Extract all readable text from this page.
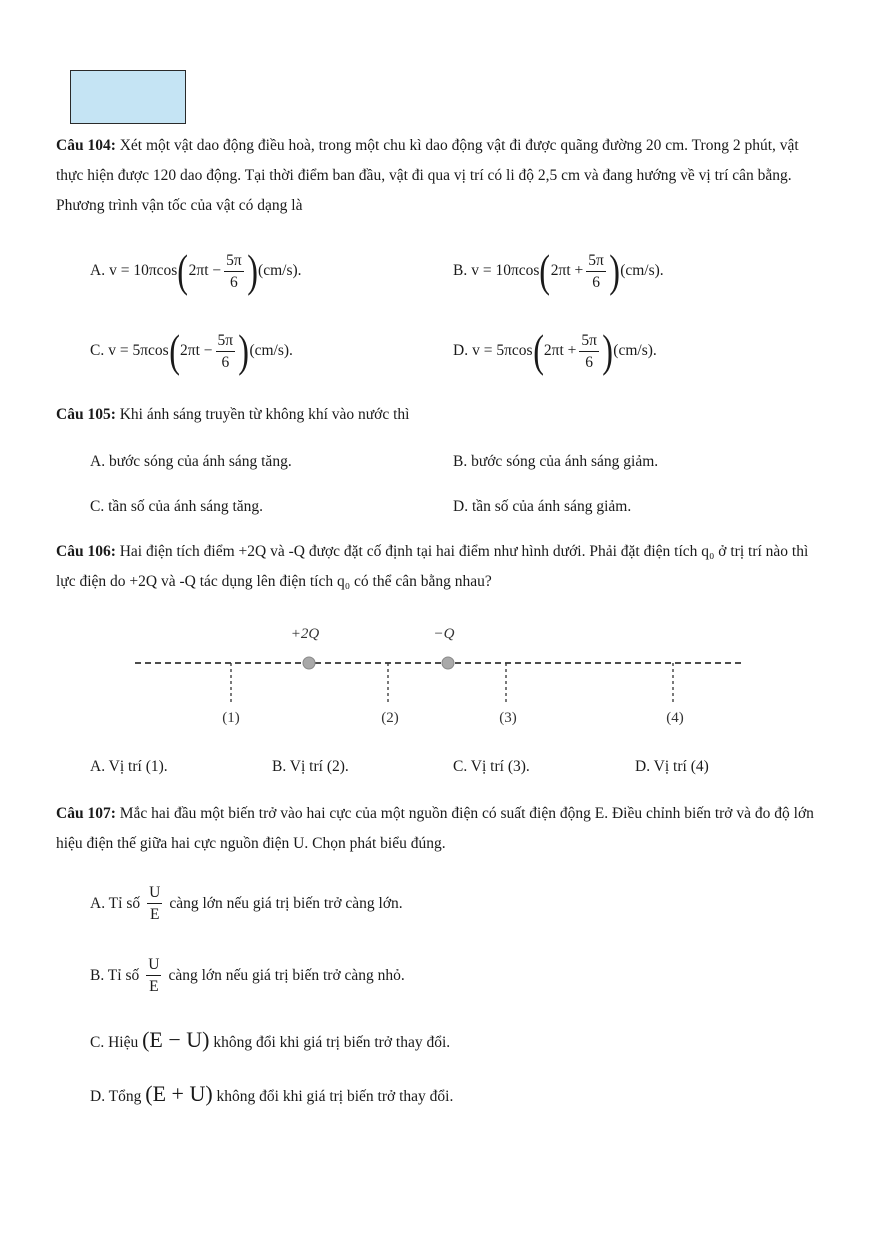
Câu 104: Xét một vật dao động điều hoà, trong một chu kì dao động vật đi được quãng đường 20 cm. Trong 2 phút, vật thực hiện được 120 dao động. Tại thời điểm ban đầu, vật đi qua vị trí có li độ 2,5 cm và đang hướng về vị trí cân bằng. Phương trình vận tốc của vật có dạng là

A. v = 10πcos ( $2\pi t - \frac{5\pi}{6}$ ) (cm/s) .	B. v = 10πcos ( $2\pi t + \frac{5\pi}{6}$ ) (cm/s) .
C. v = 5πcos ( $2\pi t - \frac{5\pi}{6}$ ) (cm/s) .	D. v = 5πcos ( $2\pi t + \frac{5\pi}{6}$ ) (cm/s) .

Câu 105: Khi ánh sáng truyền từ không khí vào nước thì

A. bước sóng của ánh sáng tăng.	B. bước sóng của ánh sáng giảm.
C. tần số của ánh sáng tăng.	D. tần số của ánh sáng giảm.

Câu 106: Hai điện tích điểm +2Q và -Q được đặt cố định tại hai điểm như hình dưới. Phải đặt điện tích q₀ ở trị trí nào thì lực điện do +2Q và -Q tác dụng lên điện tích q₀ có thể cân bằng nhau?

+2Q	−Q
(1)	(2)	(3)	(4)
A. Vị trí (1).	B. Vị trí (2).	C. Vị trí (3).	D. Vị trí (4)

Câu 107: Mắc hai đầu một biến trở vào hai cực của một nguồn điện có suất điện động E. Điều chỉnh biến trở và đo độ lớn hiệu điện thế giữa hai cực nguồn điện U. Chọn phát biểu đúng.

A. Tỉ số $\frac{U}{E}$ càng lớn nếu giá trị biến trở càng lớn.
B. Tỉ số $\frac{U}{E}$ càng lớn nếu giá trị biến trở càng nhỏ.
C. Hiệu (E − U) không đổi khi giá trị biến trở thay đổi.
D. Tổng (E + U) không đổi khi giá trị biến trở thay đổi.
